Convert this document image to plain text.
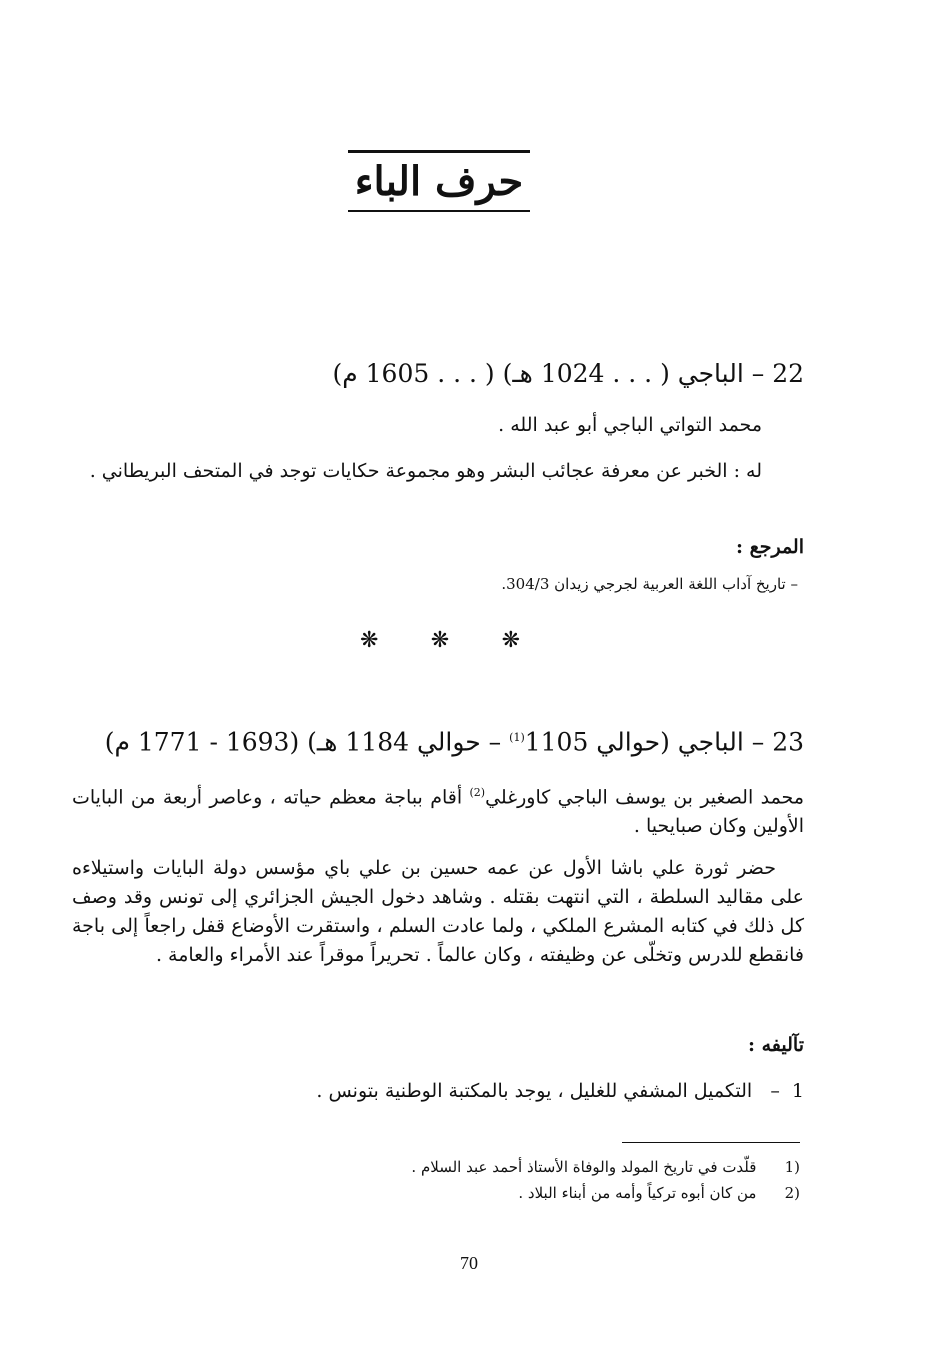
حرف الباء
22 – الباجي ( . . . 1024 هـ) ( . . . 1605 م)
محمد التواتي الباجي أبو عبد الله .
له : الخبر عن معرفة عجائب البشر وهو مجموعة حكايات توجد في المتحف البريطاني .
المرجع :
– تاريخ آداب اللغة العربية لجرجي زيدان 304/3.
❋ ❋ ❋
23 – الباجي (حوالي 1105$^{(1)}$ – حوالي 1184 هـ) (1693 - 1771 م)
محمد الصغير بن يوسف الباجي كاورغلي$^{(2)}$ أقام بباجة معظم حياته ، وعاصر أربعة من البايات الأولين وكان صبايحيا .
حضر ثورة علي باشا الأول عن عمه حسين بن علي باي مؤسس دولة البايات واستيلاءه على مقاليد السلطة ، التي انتهت بقتله . وشاهد دخول الجيش الجزائري إلى تونس وقد وصف كل ذلك في كتابه المشرع الملكي ، ولما عادت السلم ، واستقرت الأوضاع قفل راجعاً إلى باجة فانقطع للدرس وتخلّى عن وظيفته ، وكان عالماً . تحريراً موقراً عند الأمراء والعامة .
تآليفه :
1  –   التكميل المشفي للغليل ، يوجد بالمكتبة الوطنية بتونس .
(1  قلّدت في تاريخ المولد والوفاة الأستاذ أحمد عبد السلام .
(2  من كان أبوه تركياً وأمه من أبناء البلاد .
70
